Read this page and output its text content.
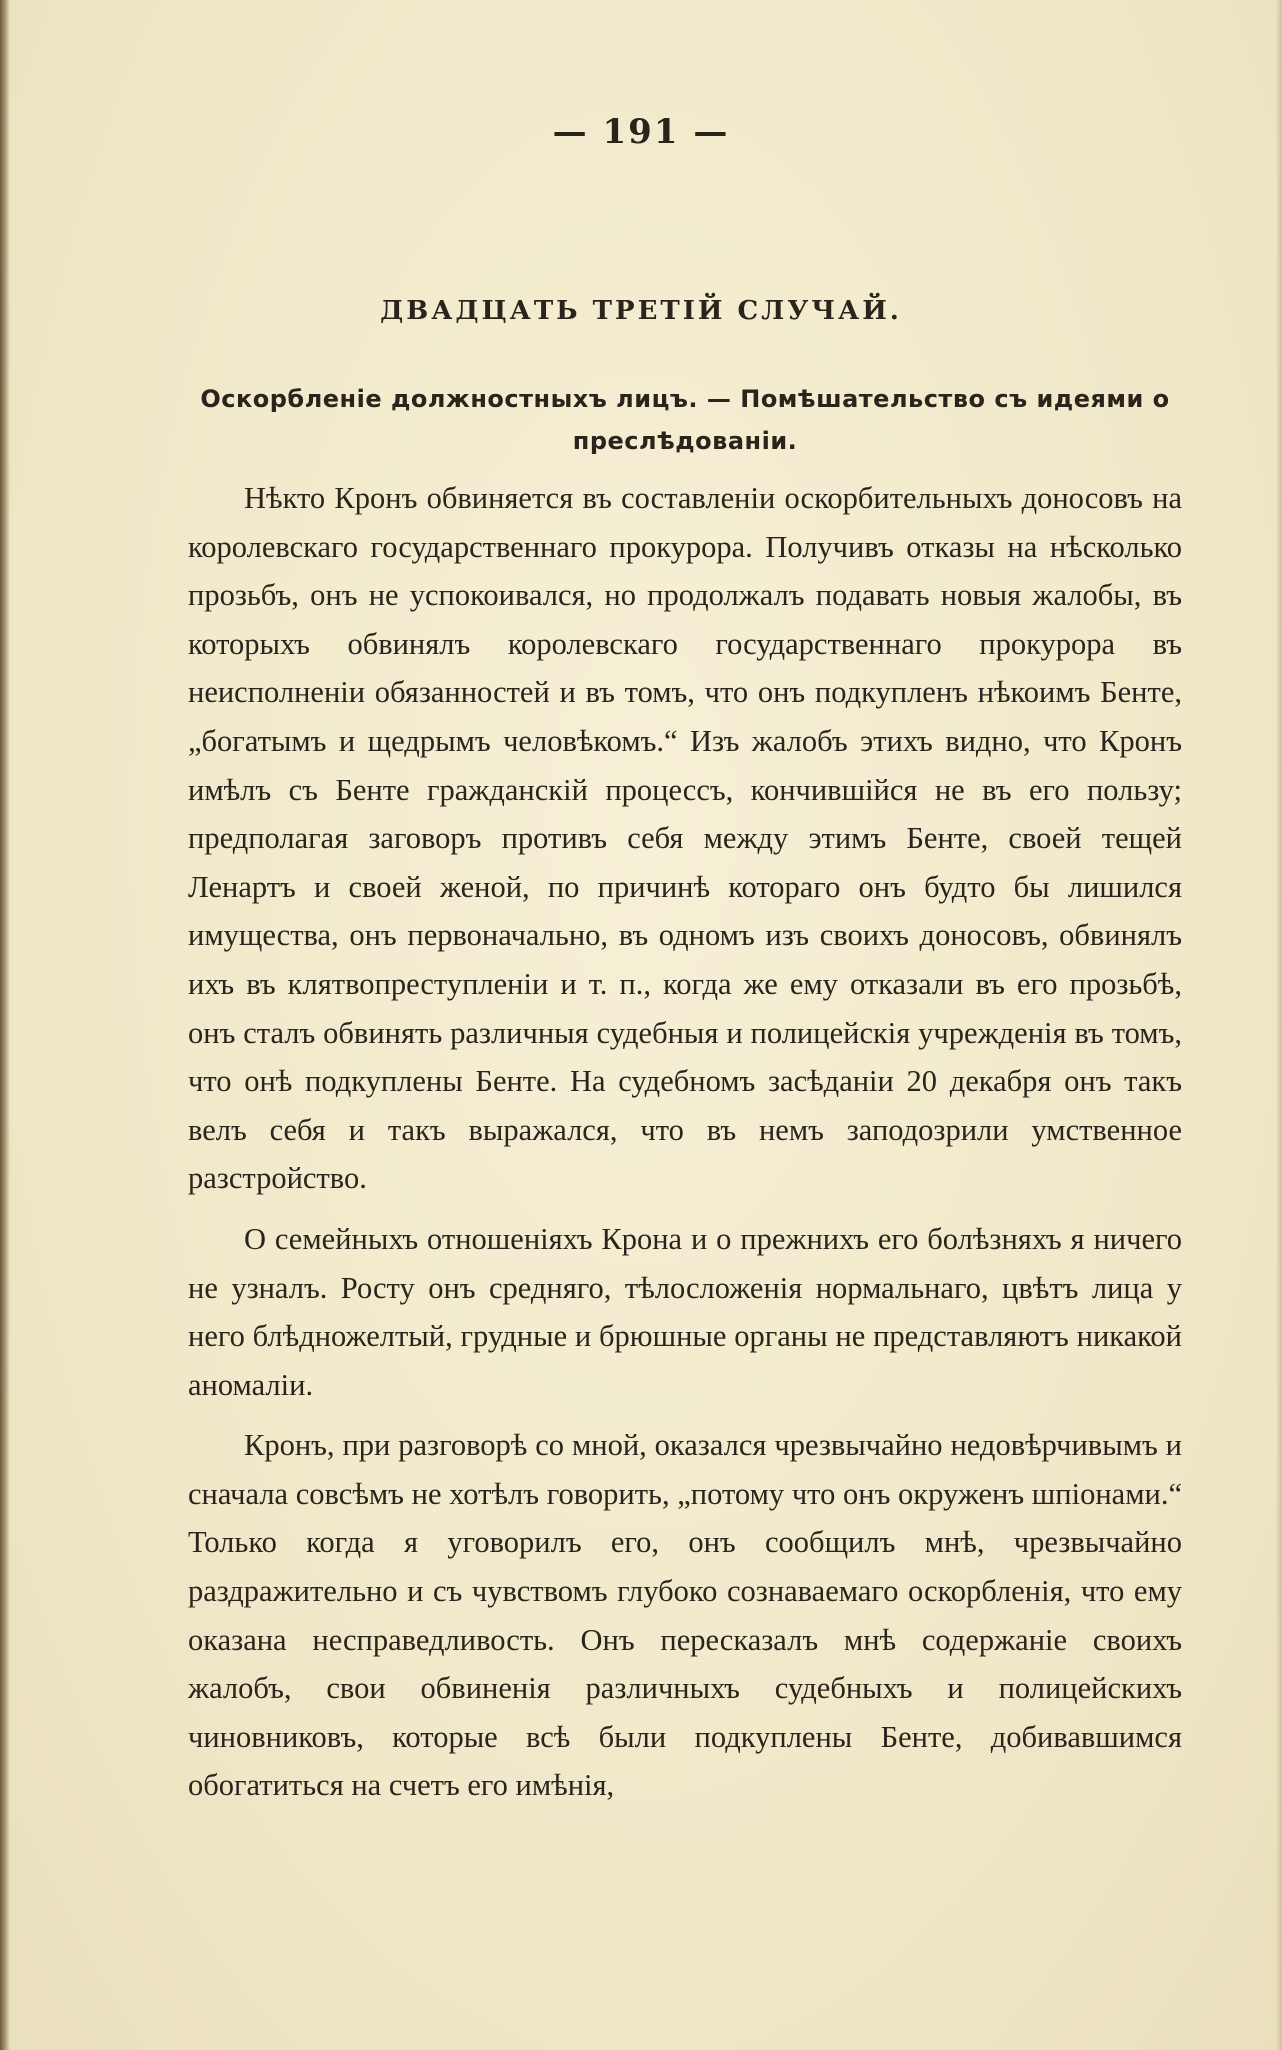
— 191 —
ДВАДЦАТЬ ТРЕТІЙ СЛУЧАЙ.
Оскорбленіе должностныхъ лицъ. — Помѣшательство съ идеями о преслѣдованіи.

Нѣкто Кронъ обвиняется въ составленіи оскорбительныхъ доносовъ на королевскаго государственнаго прокурора. Получивъ отказы на нѣсколько прозьбъ, онъ не успокоивался, но продолжалъ подавать новыя жалобы, въ которыхъ обвинялъ королевскаго государственнаго прокурора въ неисполненіи обязанностей и въ томъ, что онъ подкупленъ нѣкоимъ Бенте, „богатымъ и щедрымъ человѣкомъ.“ Изъ жалобъ этихъ видно, что Кронъ имѣлъ съ Бенте гражданскій процессъ, кончившійся не въ его пользу; предполагая заговоръ противъ себя между этимъ Бенте, своей тещей Ленартъ и своей женой, по причинѣ котораго онъ будто бы лишился имущества, онъ первоначально, въ одномъ изъ своихъ доносовъ, обвинялъ ихъ въ клятвопреступленіи и т. п., когда же ему отказали въ его прозьбѣ, онъ сталъ обвинять различныя судебныя и полицейскія учрежденія въ томъ, что онѣ подкуплены Бенте. На судебномъ засѣданіи 20 декабря онъ такъ велъ себя и такъ выражался, что въ немъ заподозрили умственное разстройство.

О семейныхъ отношеніяхъ Крона и о прежнихъ его болѣзняхъ я ничего не узналъ. Росту онъ средняго, тѣлосложенія нормальнаго, цвѣтъ лица у него блѣдножелтый, грудные и брюшные органы не представляютъ никакой аномаліи.

Кронъ, при разговорѣ со мной, оказался чрезвычайно недовѣрчивымъ и сначала совсѣмъ не хотѣлъ говорить, „потому что онъ окруженъ шпіонами.“ Только когда я уговорилъ его, онъ сообщилъ мнѣ, чрезвычайно раздражительно и съ чувствомъ глубоко сознаваемаго оскорбленія, что ему оказана несправедливость. Онъ пересказалъ мнѣ содержаніе своихъ жалобъ, свои обвиненія различныхъ судебныхъ и полицейскихъ чиновниковъ, которые всѣ были подкуплены Бенте, добивавшимся обогатиться на счетъ его имѣнія,
